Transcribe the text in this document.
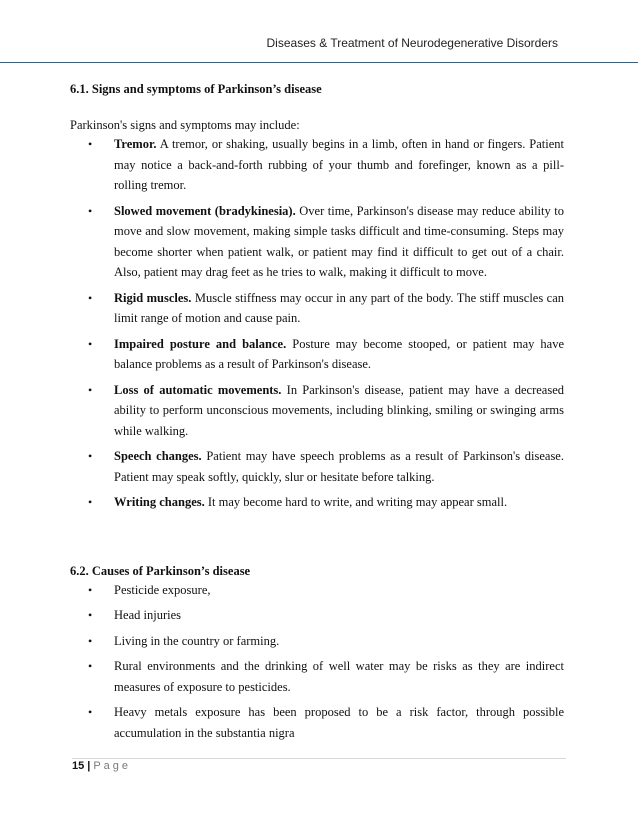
Diseases & Treatment of Neurodegenerative Disorders
6.1. Signs and symptoms of Parkinson’s disease

Parkinson's signs and symptoms may include:

• Tremor. A tremor, or shaking, usually begins in a limb, often in hand or fingers. Patient may notice a back-and-forth rubbing of your thumb and forefinger, known as a pill-rolling tremor.
• Slowed movement (bradykinesia). Over time, Parkinson's disease may reduce ability to move and slow movement, making simple tasks difficult and time-consuming. Steps may become shorter when patient walk, or patient may find it difficult to get out of a chair. Also, patient may drag feet as he tries to walk, making it difficult to move.
• Rigid muscles. Muscle stiffness may occur in any part of the body. The stiff muscles can limit range of motion and cause pain.
• Impaired posture and balance. Posture may become stooped, or patient may have balance problems as a result of Parkinson's disease.
• Loss of automatic movements. In Parkinson's disease, patient may have a decreased ability to perform unconscious movements, including blinking, smiling or swinging arms while walking.
• Speech changes. Patient may have speech problems as a result of Parkinson's disease. Patient may speak softly, quickly, slur or hesitate before talking.
• Writing changes. It may become hard to write, and writing may appear small.
6.2. Causes of Parkinson’s disease
• Pesticide exposure,
• Head injuries
• Living in the country or farming.
• Rural environments and the drinking of well water may be risks as they are indirect measures of exposure to pesticides.
• Heavy metals exposure has been proposed to be a risk factor, through possible accumulation in the substantia nigra
15 | Page
